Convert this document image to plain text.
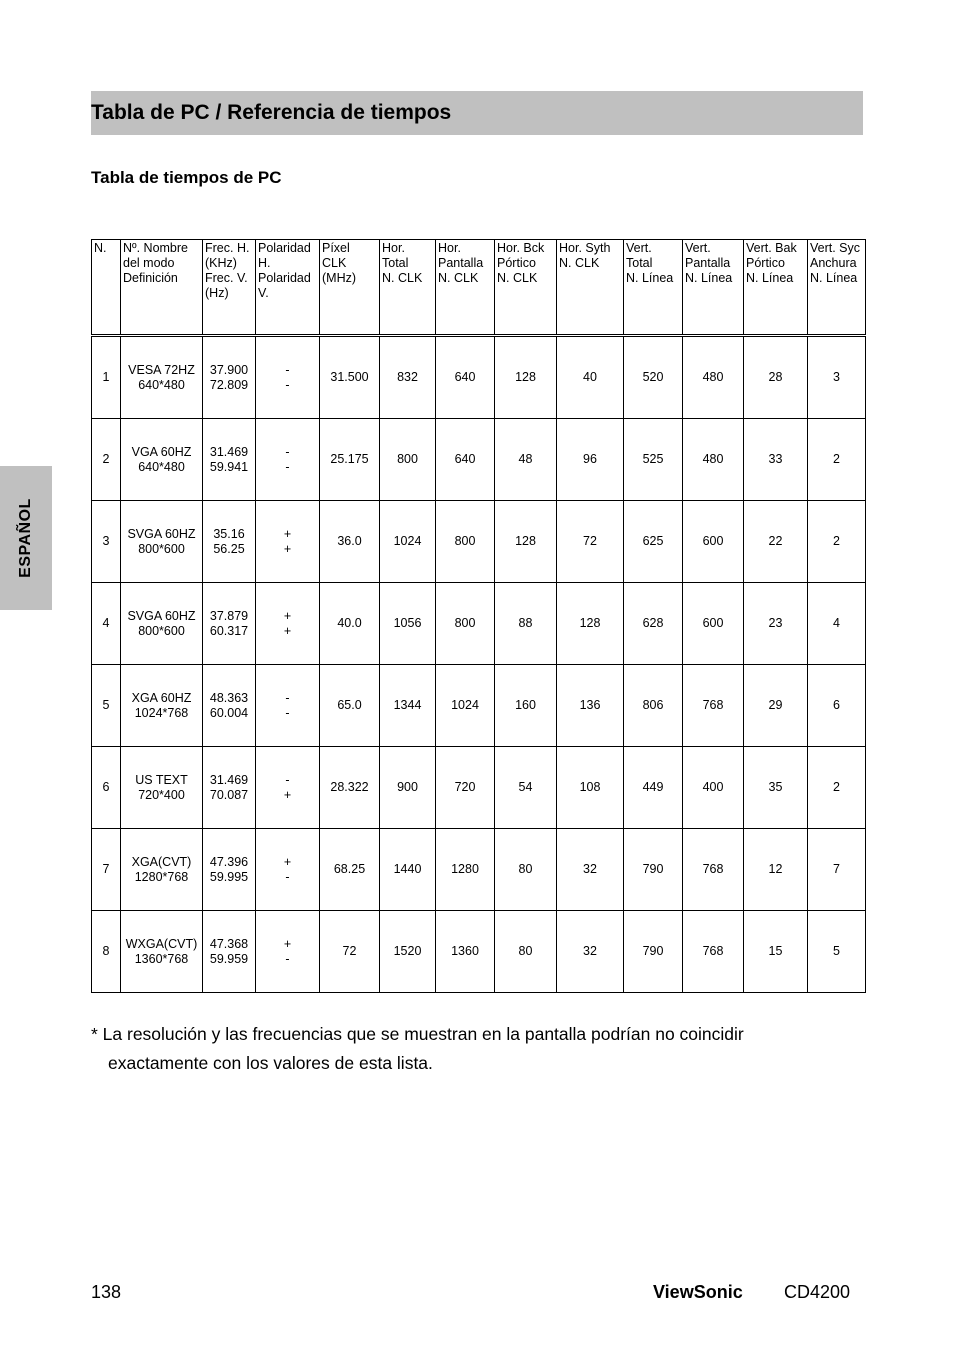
Tabla de PC / Referencia de tiempos
Tabla de tiempos de PC
ESPAÑOL
N.	Nº. Nombre
del modo
Definición	Frec. H.
(KHz)
Frec. V.
(Hz)	Polaridad
H.
Polaridad
V.	Píxel
CLK
(MHz)	Hor.
Total
N. CLK	Hor.
Pantalla
N. CLK	Hor. Bck
Pórtico
N. CLK	Hor. Syth
N. CLK	Vert.
Total
N. Línea	Vert.
Pantalla
N. Línea	Vert. Bak
Pórtico
N. Línea	Vert. Syc
Anchura
N. Línea

1	VESA 72HZ
640*480	37.900
72.809	-
-	31.500	832	640	128	40	520	480	28	3

2	VGA 60HZ
640*480	31.469
59.941	-
-	25.175	800	640	48	96	525	480	33	2

3	SVGA 60HZ
800*600	35.16
56.25	+
+	36.0	1024	800	128	72	625	600	22	2

4	SVGA 60HZ
800*600	37.879
60.317	+
+	40.0	1056	800	88	128	628	600	23	4

5	XGA 60HZ
1024*768	48.363
60.004	-
-	65.0	1344	1024	160	136	806	768	29	6

6	US TEXT
720*400	31.469
70.087	-
+	28.322	900	720	54	108	449	400	35	2

7	XGA(CVT)
1280*768	47.396
59.995	+
-	68.25	1440	1280	80	32	790	768	12	7

8	WXGA(CVT)
1360*768	47.368
59.959	+
-	72	1520	1360	80	32	790	768	15	5
* La resolución y las frecuencias que se muestran en la pantalla podrían no coincidir
exactamente con los valores de esta lista.
138	ViewSonic CD4200
